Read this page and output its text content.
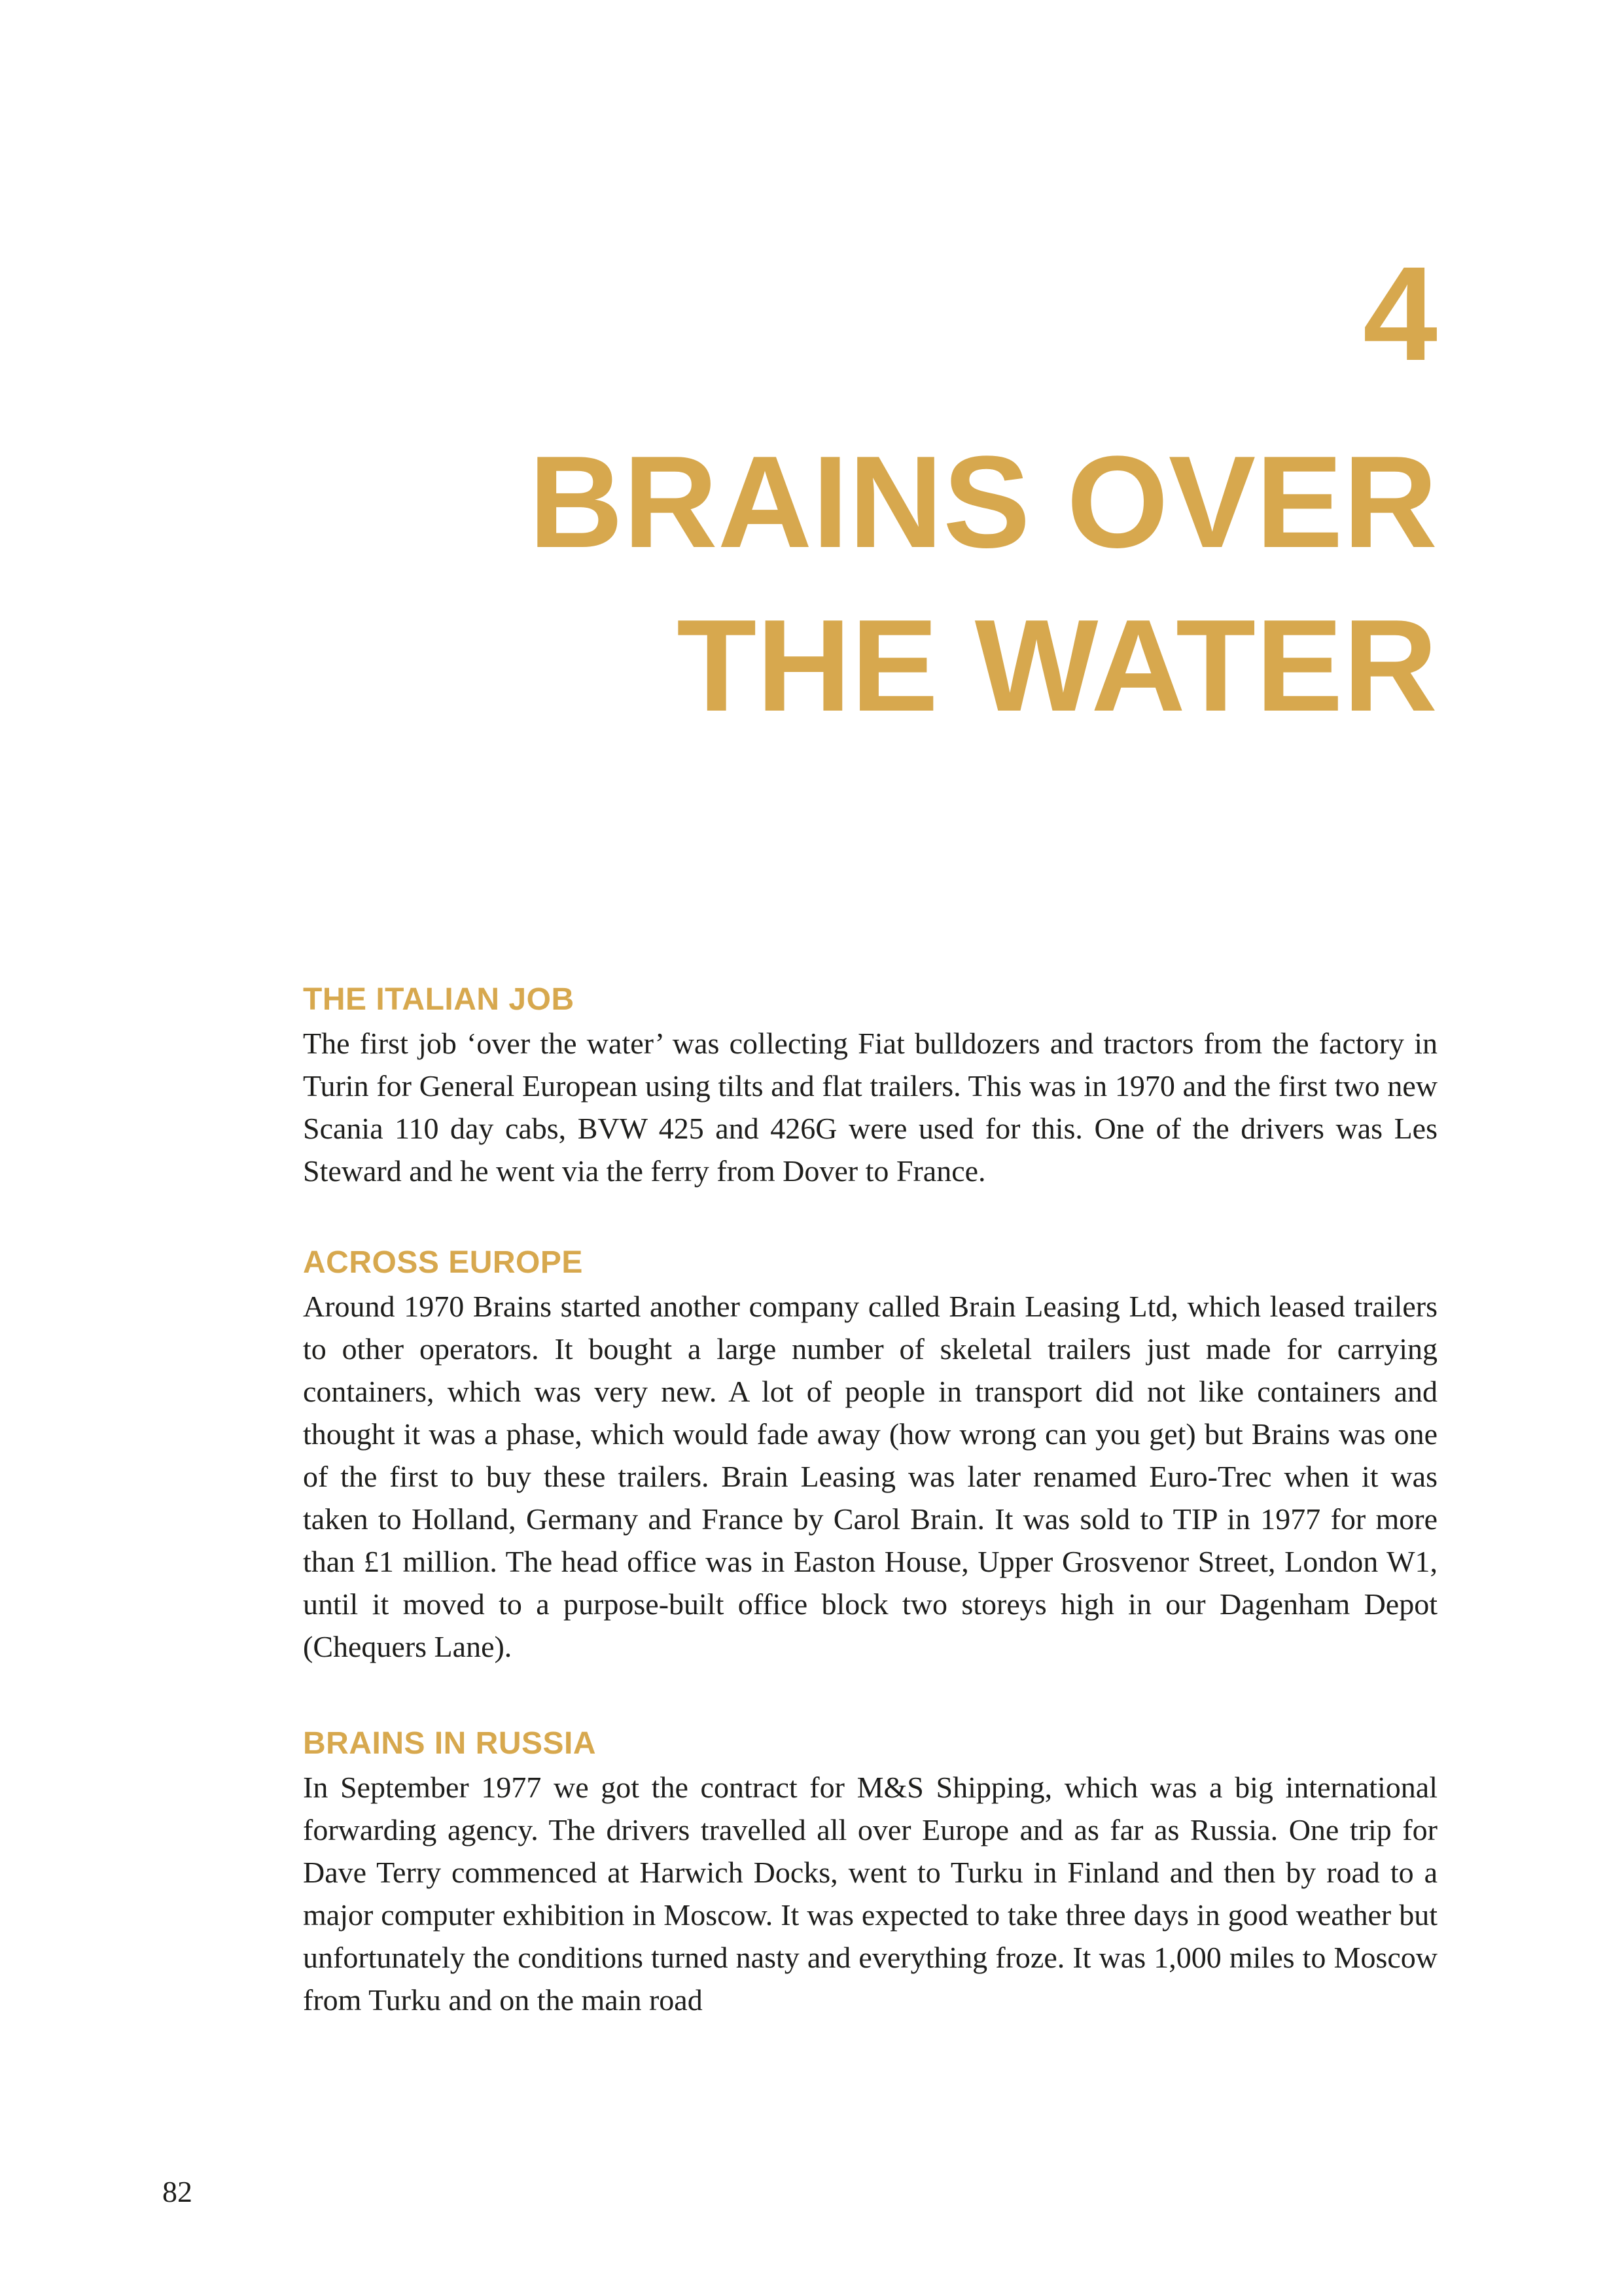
4
BRAINS OVER
THE WATER
THE ITALIAN JOB

The first job ‘over the water’ was collecting Fiat bulldozers and tractors from the factory in Turin for General European using tilts and flat trailers. This was in 1970 and the first two new Scania 110 day cabs, BVW 425 and 426G were used for this. One of the drivers was Les Steward and he went via the ferry from Dover to France.

ACROSS EUROPE

Around 1970 Brains started another company called Brain Leasing Ltd, which leased trailers to other operators. It bought a large number of skeletal trailers just made for carrying containers, which was very new. A lot of people in transport did not like containers and thought it was a phase, which would fade away (how wrong can you get) but Brains was one of the first to buy these trailers. Brain Leasing was later renamed Euro-Trec when it was taken to Holland, Germany and France by Carol Brain. It was sold to TIP in 1977 for more than £1 million. The head office was in Easton House, Upper Grosvenor Street, London W1, until it moved to a purpose-built office block two storeys high in our Dagenham Depot (Chequers Lane).

BRAINS IN RUSSIA

In September 1977 we got the contract for M&S Shipping, which was a big international forwarding agency. The drivers travelled all over Europe and as far as Russia. One trip for Dave Terry commenced at Harwich Docks, went to Turku in Finland and then by road to a major computer exhibition in Moscow. It was expected to take three days in good weather but unfortunately the conditions turned nasty and everything froze. It was 1,000 miles to Moscow from Turku and on the main road

82
